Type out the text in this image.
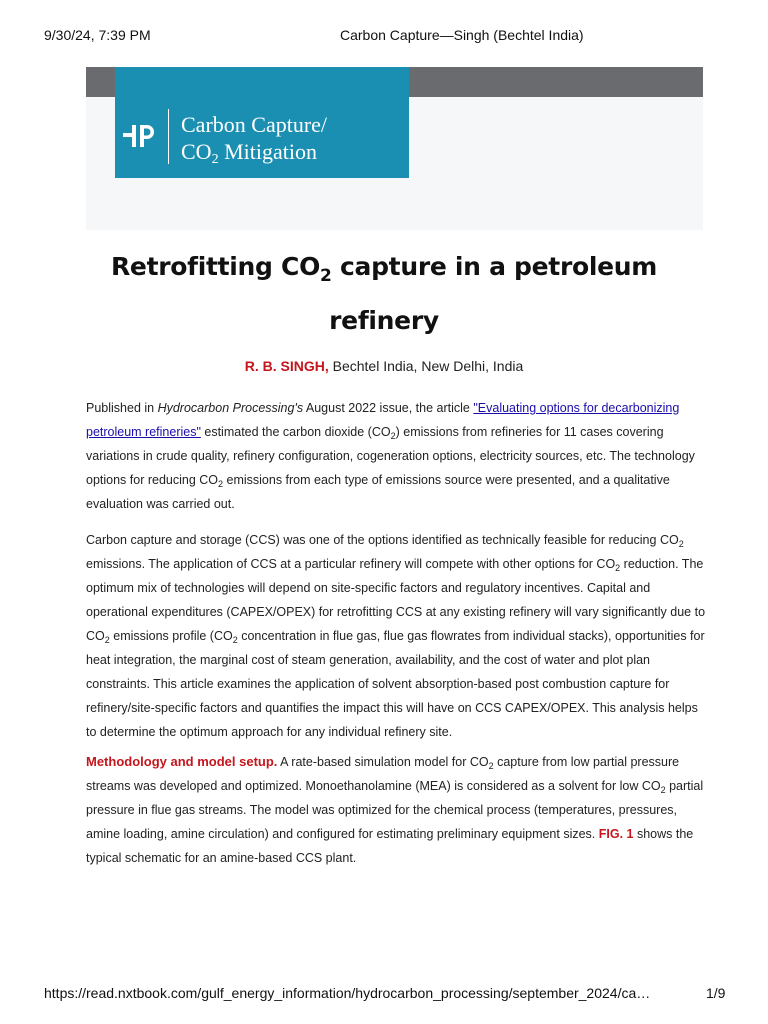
9/30/24, 7:39 PM	Carbon Capture—Singh (Bechtel India)
Carbon Capture/
$CO_2$ Mitigation
Retrofitting $CO_2$ capture in a petroleum refinery
R. B. SINGH, Bechtel India, New Delhi, India
Published in Hydrocarbon Processing's August 2022 issue, the article "Evaluating options for decarbonizing petroleum refineries" estimated the carbon dioxide $(CO_2)$ emissions from refineries for 11 cases covering variations in crude quality, refinery configuration, cogeneration options, electricity sources, etc. The technology options for reducing $CO_2$ emissions from each type of emissions source were presented, and a qualitative evaluation was carried out.
Carbon capture and storage (CCS) was one of the options identified as technically feasible for reducing $CO_2$ emissions. The application of CCS at a particular refinery will compete with other options for $CO_2$ reduction. The optimum mix of technologies will depend on site-specific factors and regulatory incentives. Capital and operational expenditures (CAPEX/OPEX) for retrofitting CCS at any existing refinery will vary significantly due to $CO_2$ emissions profile ($CO_2$ concentration in flue gas, flue gas flowrates from individual stacks), opportunities for heat integration, the marginal cost of steam generation, availability, and the cost of water and plot plan constraints. This article examines the application of solvent absorption-based post combustion capture for refinery/site-specific factors and quantifies the impact this will have on CCS CAPEX/OPEX. This analysis helps to determine the optimum approach for any individual refinery site.
Methodology and model setup. A rate-based simulation model for $CO_2$ capture from low partial pressure streams was developed and optimized. Monoethanolamine (MEA) is considered as a solvent for low $CO_2$ partial pressure in flue gas streams. The model was optimized for the chemical process (temperatures, pressures, amine loading, amine circulation) and configured for estimating preliminary equipment sizes. FIG. 1 shows the typical schematic for an amine-based CCS plant.
https://read.nxtbook.com/gulf_energy_information/hydrocarbon_processing/september_2024/ca…	1/9
